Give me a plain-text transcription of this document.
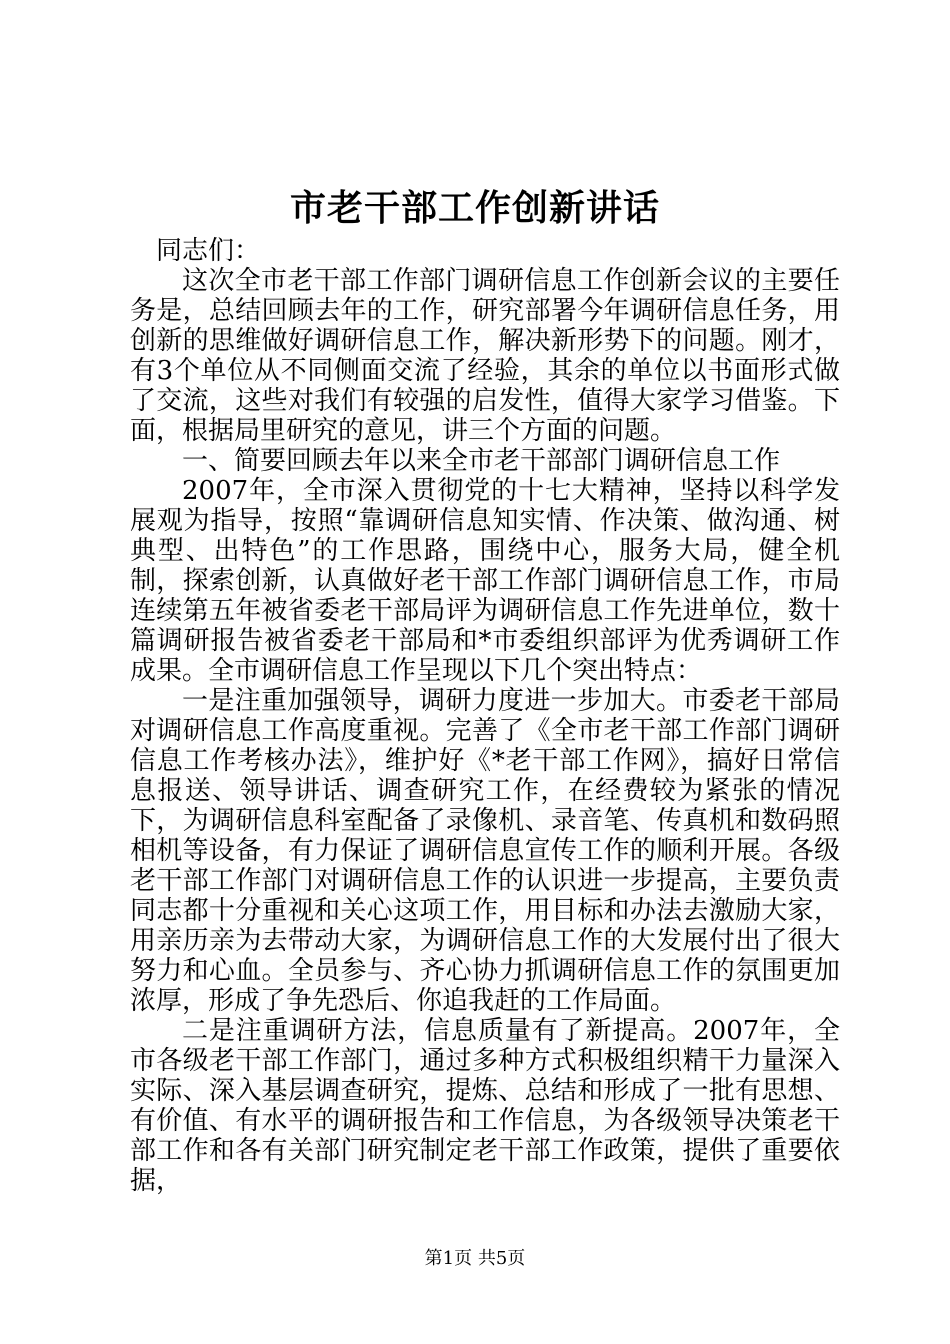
市老干部工作创新讲话

同志们：

这次全市老干部工作部门调研信息工作创新会议的主要任务是，总结回顾去年的工作，研究部署今年调研信息任务，用创新的思维做好调研信息工作，解决新形势下的问题。刚才，有3个单位从不同侧面交流了经验，其余的单位以书面形式做了交流，这些对我们有较强的启发性，值得大家学习借鉴。下面，根据局里研究的意见，讲三个方面的问题。

一、简要回顾去年以来全市老干部部门调研信息工作

2007年，全市深入贯彻党的十七大精神，坚持以科学发展观为指导，按照“靠调研信息知实情、作决策、做沟通、树典型、出特色”的工作思路，围绕中心，服务大局，健全机制，探索创新，认真做好老干部工作部门调研信息工作，市局连续第五年被省委老干部局评为调研信息工作先进单位，数十篇调研报告被省委老干部局和*市委组织部评为优秀调研工作成果。全市调研信息工作呈现以下几个突出特点：

一是注重加强领导，调研力度进一步加大。市委老干部局对调研信息工作高度重视。完善了《全市老干部工作部门调研信息工作考核办法》，维护好《*老干部工作网》，搞好日常信息报送、领导讲话、调查研究工作，在经费较为紧张的情况下，为调研信息科室配备了录像机、录音笔、传真机和数码照相机等设备，有力保证了调研信息宣传工作的顺利开展。各级老干部工作部门对调研信息工作的认识进一步提高，主要负责同志都十分重视和关心这项工作，用目标和办法去激励大家，用亲历亲为去带动大家，为调研信息工作的大发展付出了很大努力和心血。全员参与、齐心协力抓调研信息工作的氛围更加浓厚，形成了争先恐后、你追我赶的工作局面。

二是注重调研方法，信息质量有了新提高。2007年，全市各级老干部工作部门，通过多种方式积极组织精干力量深入实际、深入基层调查研究，提炼、总结和形成了一批有思想、有价值、有水平的调研报告和工作信息，为各级领导决策老干部工作和各有关部门研究制定老干部工作政策，提供了重要依据，

第1页 共5页
